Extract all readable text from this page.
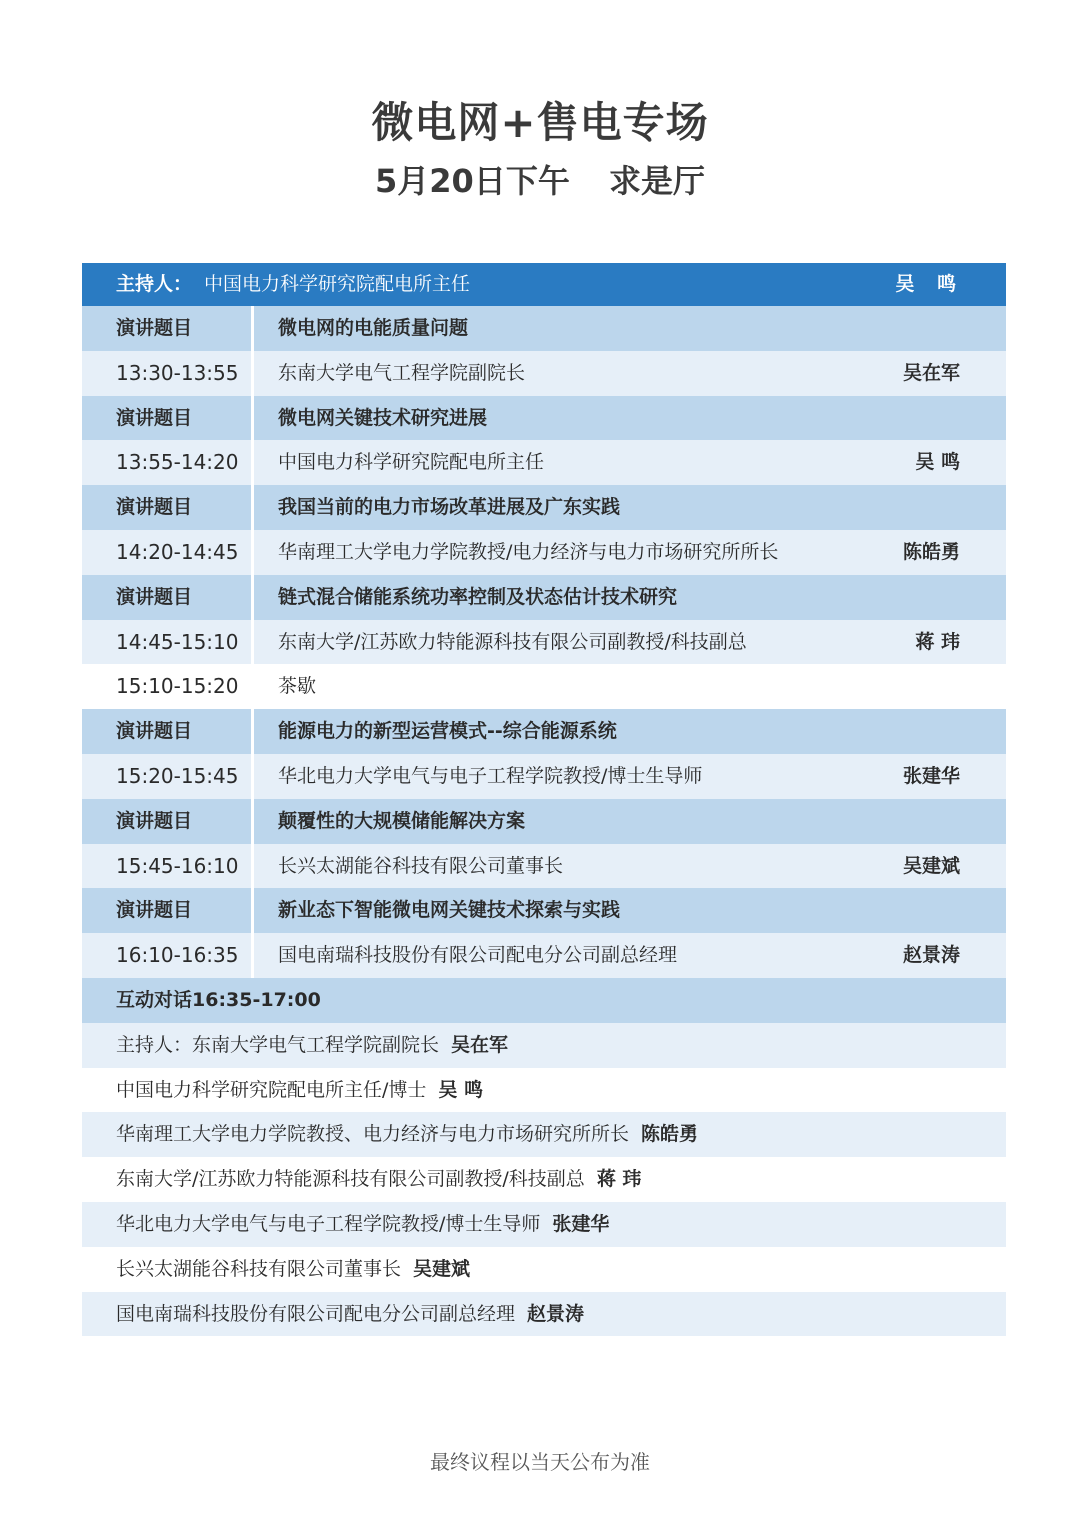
微电网+售电专场
5月20日下午 求是厅
主持人： 中国电力科学研究院配电所主任	吴 鸣
演讲题目	微电网的电能质量问题
13:30-13:55 东南大学电气工程学院副院长	吴在军
演讲题目	微电网关键技术研究进展
13:55-14:20 中国电力科学研究院配电所主任	吴 鸣
演讲题目	我国当前的电力市场改革进展及广东实践
14:20-14:45 华南理工大学电力学院教授/电力经济与电力市场研究所所长	陈皓勇
演讲题目	链式混合储能系统功率控制及状态估计技术研究
14:45-15:10 东南大学/江苏欧力特能源科技有限公司副教授/科技副总	蒋 玮
15:10-15:20 茶歇
演讲题目	能源电力的新型运营模式--综合能源系统
15:20-15:45 华北电力大学电气与电子工程学院教授/博士生导师	张建华
演讲题目	颠覆性的大规模储能解决方案
15:45-16:10 长兴太湖能谷科技有限公司董事长	吴建斌
演讲题目	新业态下智能微电网关键技术探索与实践
16:10-16:35 国电南瑞科技股份有限公司配电分公司副总经理	赵景涛
互动对话16:35-17:00
主持人：东南大学电气工程学院副院长 吴在军
中国电力科学研究院配电所主任/博士 吴 鸣
华南理工大学电力学院教授、电力经济与电力市场研究所所长 陈皓勇
东南大学/江苏欧力特能源科技有限公司副教授/科技副总 蒋 玮
华北电力大学电气与电子工程学院教授/博士生导师 张建华
长兴太湖能谷科技有限公司董事长 吴建斌
国电南瑞科技股份有限公司配电分公司副总经理 赵景涛
最终议程以当天公布为准
